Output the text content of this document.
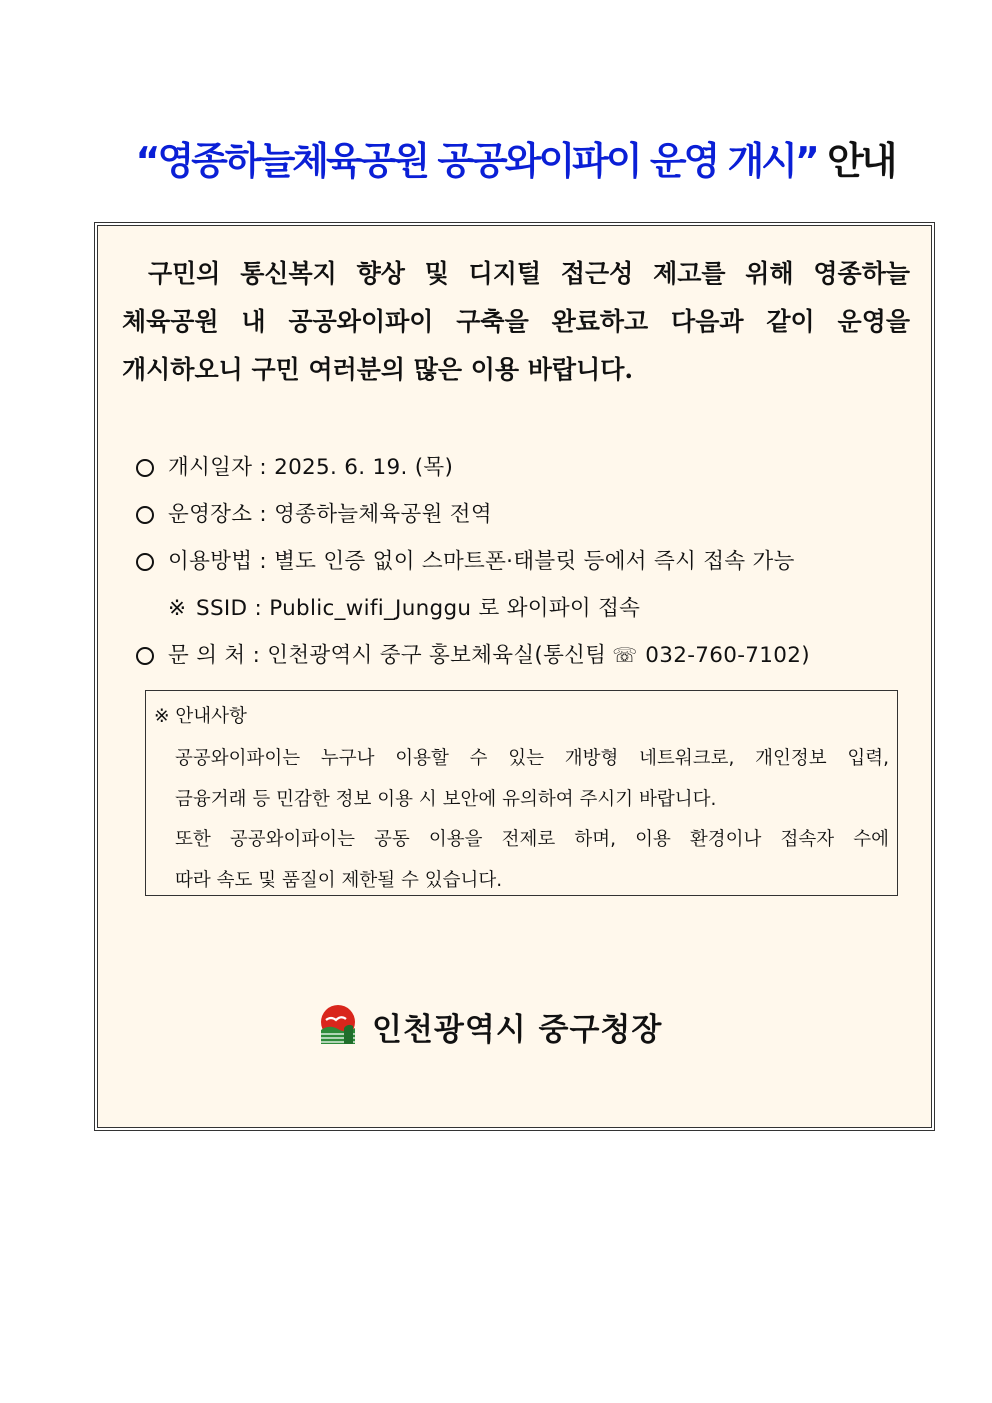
“영종하늘체육공원 공공와이파이 운영 개시” 안내
구민의 통신복지 향상 및 디지털 접근성 제고를 위해 영종하늘
체육공원 내 공공와이파이 구축을 완료하고 다음과 같이 운영을
개시하오니 구민 여러분의 많은 이용 바랍니다.
개시일자 : 2025. 6. 19. (목)
운영장소 : 영종하늘체육공원 전역
이용방법 : 별도 인증 없이 스마트폰·태블릿 등에서 즉시 접속 가능
※ SSID : Public_wifi_Junggu 로 와이파이 접속
문 의 처 : 인천광역시 중구 홍보체육실(통신팀 ☏ 032-760-7102)
※ 안내사항
공공와이파이는 누구나 이용할 수 있는 개방형 네트워크로, 개인정보 입력,
금융거래 등 민감한 정보 이용 시 보안에 유의하여 주시기 바랍니다.
또한 공공와이파이는 공동 이용을 전제로 하며, 이용 환경이나 접속자 수에
따라 속도 및 품질이 제한될 수 있습니다.
인천광역시 중구청장
